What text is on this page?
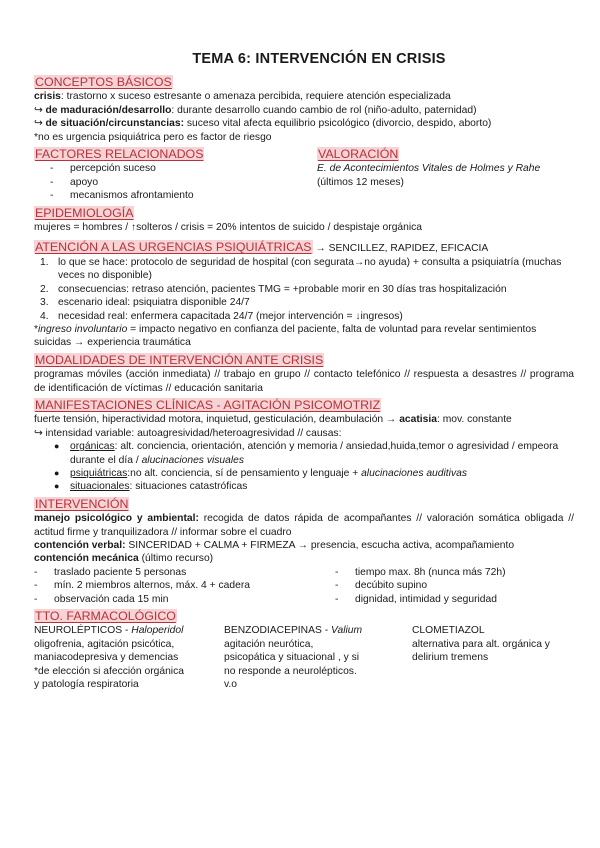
TEMA 6: INTERVENCIÓN EN CRISIS
CONCEPTOS BÁSICOS

crisis: trastorno x suceso estresante o amenaza percibida, requiere atención especializada

↪ de maduración/desarrollo: durante desarrollo cuando cambio de rol (niño-adulto, paternidad)

↪ de situación/circunstancias: suceso vital afecta equilibrio psicológico (divorcio, despido, aborto)

*no es urgencia psiquiátrica pero es factor de riesgo

FACTORES RELACIONADOS
- percepción suceso
- apoyo
- mecanismos afrontamiento
VALORACIÓN

E. de Acontecimientos Vitales de Holmes y Rahe

(últimos 12 meses)

EPIDEMIOLOGÍA

mujeres = hombres / ↑solteros / crisis = 20% intentos de suicido / despistaje orgánica

ATENCIÓN A LAS URGENCIAS PSIQUIÁTRICAS → SENCILLEZ, RAPIDEZ, EFICACIA
1. lo que se hace: protocolo de seguridad de hospital (con segurata→no ayuda) + consulta a psiquiatría (muchas veces no disponible)
2. consecuencias: retraso atención, pacientes TMG = +probable morir en 30 días tras hospitalización
3. escenario ideal: psiquiatra disponible 24/7
4. necesidad real: enfermera capacitada 24/7 (mejor intervención = ↓ingresos)

*ingreso involuntario = impacto negativo en confianza del paciente, falta de voluntad para revelar sentimientos suicidas → experiencia traumática

MODALIDADES DE INTERVENCIÓN ANTE CRISIS

programas móviles (acción inmediata) // trabajo en grupo // contacto telefónico // respuesta a desastres // programa de identificación de víctimas // educación sanitaria

MANIFESTACIONES CLÍNICAS - AGITACIÓN PSICOMOTRIZ

fuerte tensión, hiperactividad motora, inquietud, gesticulación, deambulación → acatisia: mov. constante

↪ intensidad variable: autoagresividad/heteroagresividad // causas:

● orgánicas: alt. conciencia, orientación, atención y memoria / ansiedad,huida,temor o agresividad / empeora durante el día / alucinaciones visuales
● psiquiátricas:no alt. conciencia, sí de pensamiento y lenguaje + alucinaciones auditivas
● situacionales: situaciones catastróficas
INTERVENCIÓN

manejo psicológico y ambiental: recogida de datos rápida de acompañantes // valoración somática obligada // actitud firme y tranquilizadora // informar sobre el cuadro

contención verbal: SINCERIDAD + CALMA + FIRMEZA → presencia, escucha activa, acompañamiento

contención mecánica (último recurso)

- traslado paciente 5 personas
- mín. 2 miembros alternos, máx. 4 + cadera
- observación cada 15 min
- tiempo max. 8h (nunca más 72h)
- decúbito supino
- dignidad, intimidad y seguridad
TTO. FARMACOLÓGICO

NEUROLÉPTICOS - Haloperidol

oligofrenia, agitación psicótica,

maniacodepresiva y demencias

*de elección si afección orgánica

y patología respiratoria

BENZODIACEPINAS - Valium

agitación neurótica,

psicopática y situacional , y si

no responde a neurolépticos.

v.o

CLOMETIAZOL

alternativa para alt. orgánica y

delirium tremens
